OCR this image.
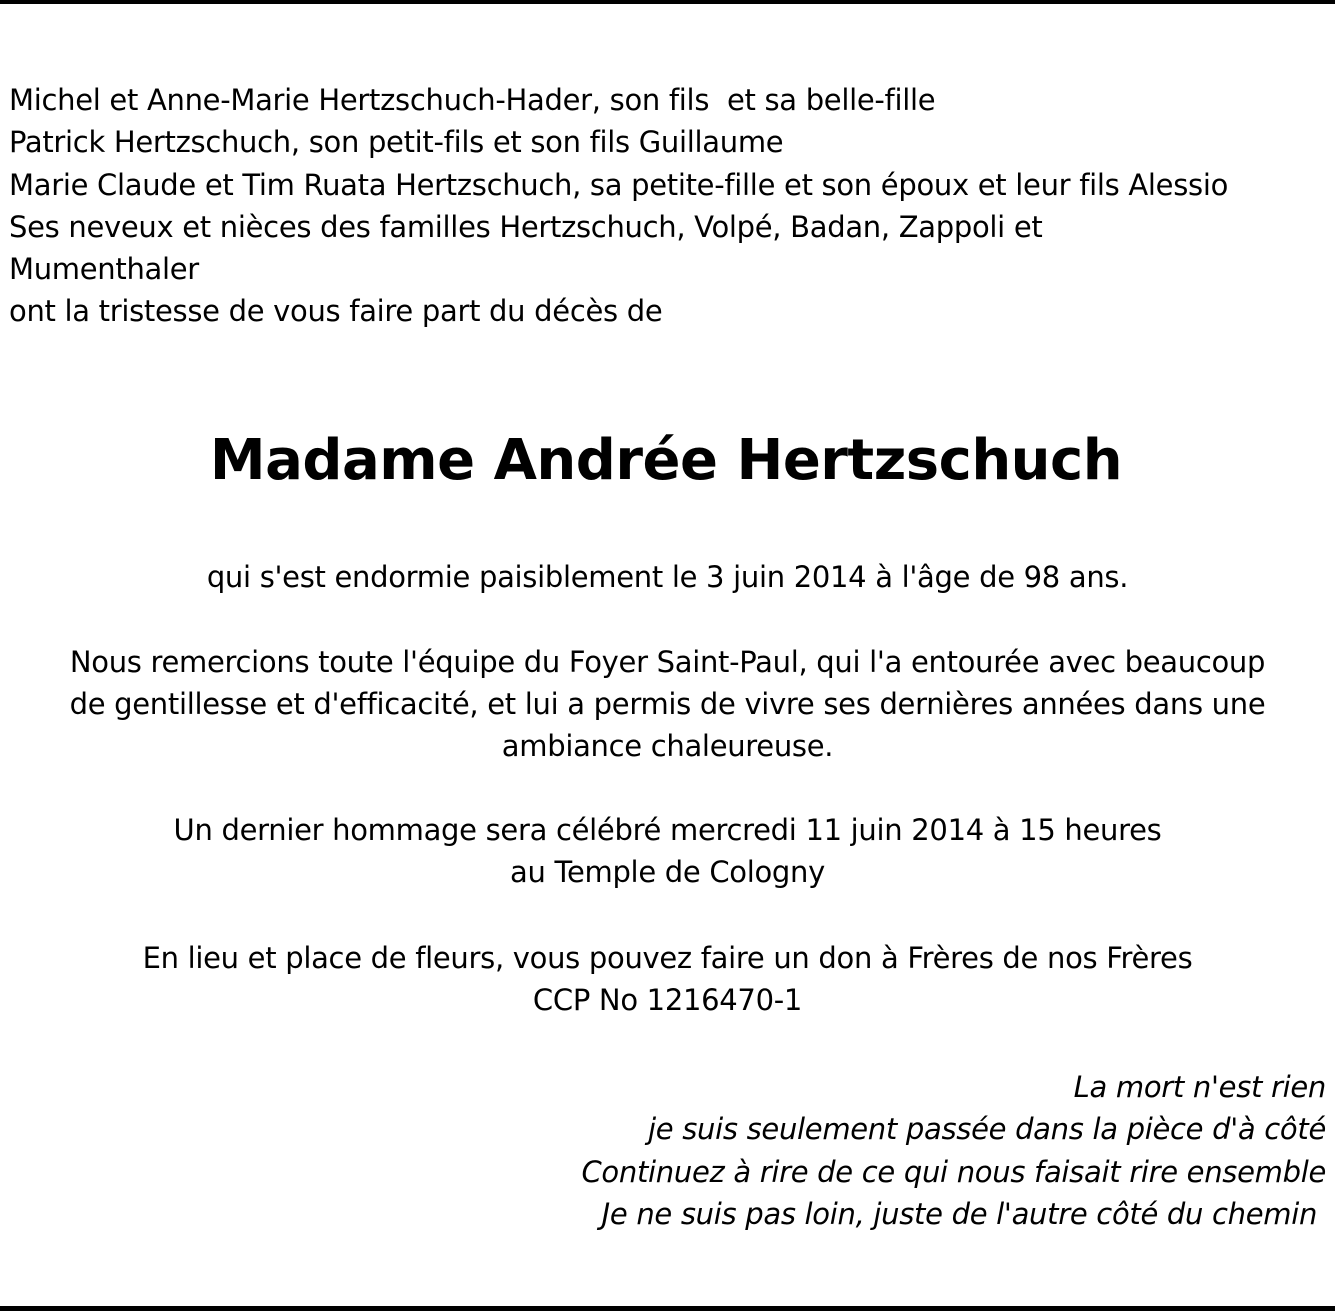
Michel et Anne-Marie Hertzschuch-Hader, son fils  et sa belle-fille
Patrick Hertzschuch, son petit-fils et son fils Guillaume
Marie Claude et Tim Ruata Hertzschuch, sa petite-fille et son époux et leur fils Alessio
Ses neveux et nièces des familles Hertzschuch, Volpé, Badan, Zappoli et
Mumenthaler
ont la tristesse de vous faire part du décès de
Madame Andrée Hertzschuch
qui s'est endormie paisiblement le 3 juin 2014 à l'âge de 98 ans.
Nous remercions toute l'équipe du Foyer Saint-Paul, qui l'a entourée avec beaucoup
de gentillesse et d'efficacité, et lui a permis de vivre ses dernières années dans une
ambiance chaleureuse.
Un dernier hommage sera célébré mercredi 11 juin 2014 à 15 heures
au Temple de Cologny
En lieu et place de fleurs, vous pouvez faire un don à Frères de nos Frères
CCP No 1216470-1
La mort n'est rien
je suis seulement passée dans la pièce d'à côté
Continuez à rire de ce qui nous faisait rire ensemble
Je ne suis pas loin, juste de l'autre côté du chemin
